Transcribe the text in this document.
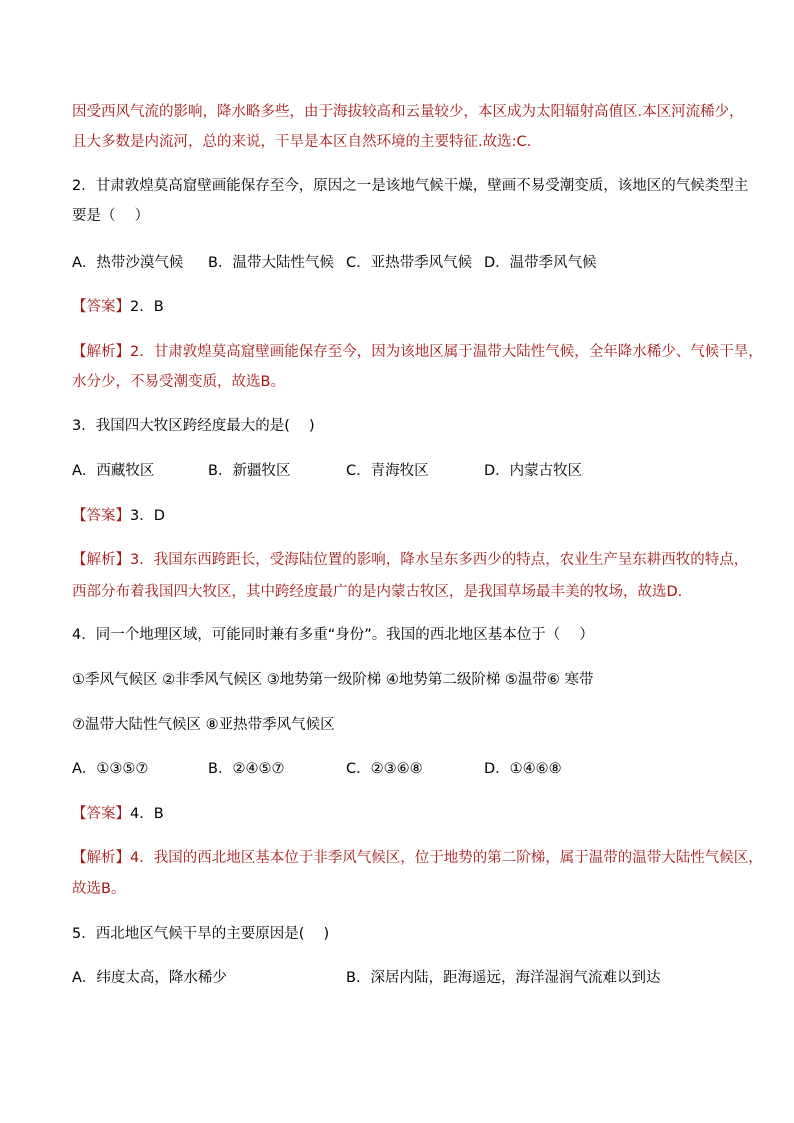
因受西风气流的影响，降水略多些，由于海拔较高和云量较少，本区成为太阳辐射高值区.本区河流稀少，
且大多数是内流河，总的来说，干旱是本区自然环境的主要特征.故选:C.
2．甘肃敦煌莫高窟壁画能保存至今，原因之一是该地气候干燥，壁画不易受潮变质，该地区的气候类型主
要是（　 ）
A．热带沙漠气候 B．温带大陆性气候 C．亚热带季风气候 D．温带季风气候
【答案】2．B
【解析】2．甘肃敦煌莫高窟壁画能保存至今，因为该地区属于温带大陆性气候，全年降水稀少、气候干旱，
水分少，不易受潮变质，故选B。
3．我国四大牧区跨经度最大的是(　 )
A．西藏牧区	B．新疆牧区	C．青海牧区	D．内蒙古牧区
【答案】3．D
【解析】3．我国东西跨距长，受海陆位置的影响，降水呈东多西少的特点，农业生产呈东耕西牧的特点，
西部分布着我国四大牧区，其中跨经度最广的是内蒙古牧区，是我国草场最丰美的牧场，故选D.
4．同一个地理区域，可能同时兼有多重“身份”。我国的西北地区基本位于（　 ）
①季风气候区 ②非季风气候区 ③地势第一级阶梯 ④地势第二级阶梯 ⑤温带⑥ 寒带
⑦温带大陆性气候区 ⑧亚热带季风气候区
A．①③⑤⑦	B．②④⑤⑦	C．②③⑥⑧	D．①④⑥⑧
【答案】4．B
【解析】4．我国的西北地区基本位于非季风气候区，位于地势的第二阶梯，属于温带的温带大陆性气候区，
故选B。
5．西北地区气候干旱的主要原因是(　 )
A．纬度太高，降水稀少	B．深居内陆，距海遥远，海洋湿润气流难以到达
